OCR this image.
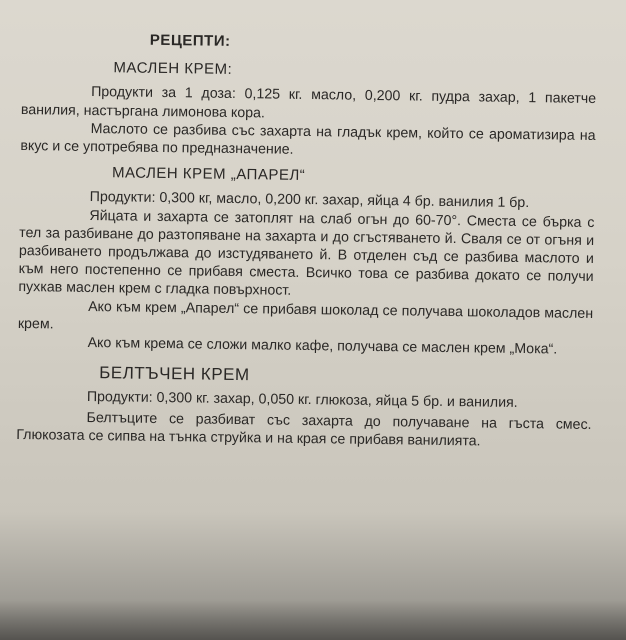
РЕЦЕПТИ:
МАСЛЕН КРЕМ:

Продукти за 1 доза: 0,125 кг. масло, 0,200 кг. пудра захар, 1 пакетче ванилия, настъргана лимонова кора.

Маслото се разбива със захарта на гладък крем, който се ароматизира на вкус и се употребява по предназначение.

МАСЛЕН КРЕМ „АПАРЕЛ“

Продукти: 0,300 кг, масло, 0,200 кг. захар, яйца 4 бр. ванилия 1 бр.

Яйцата и захарта се затоплят на слаб огън до 60-70°. Сместа се бърка с тел за разбиване до разтопяване на захарта и до сгъстяването й. Сваля се от огъня и разбиването продължава до изстудяването й. В отделен съд се разбива маслото и към него постепенно се прибавя сместа. Всичко това се разбива докато се получи пухкав маслен крем с гладка повърхност.

Ако към крем „Апарел“ се прибавя шоколад се получава шоколадов маслен крем.

Ако към крема се сложи малко кафе, получава се маслен крем „Мока“.

БЕЛТЪЧЕН КРЕМ

Продукти: 0,300 кг. захар, 0,050 кг. глюкоза, яйца 5 бр. и ванилия.

Белтъците се разбиват със захарта до получаване на гъста смес. Глюкозата се сипва на тънка струйка и на края се прибавя ванилията.
